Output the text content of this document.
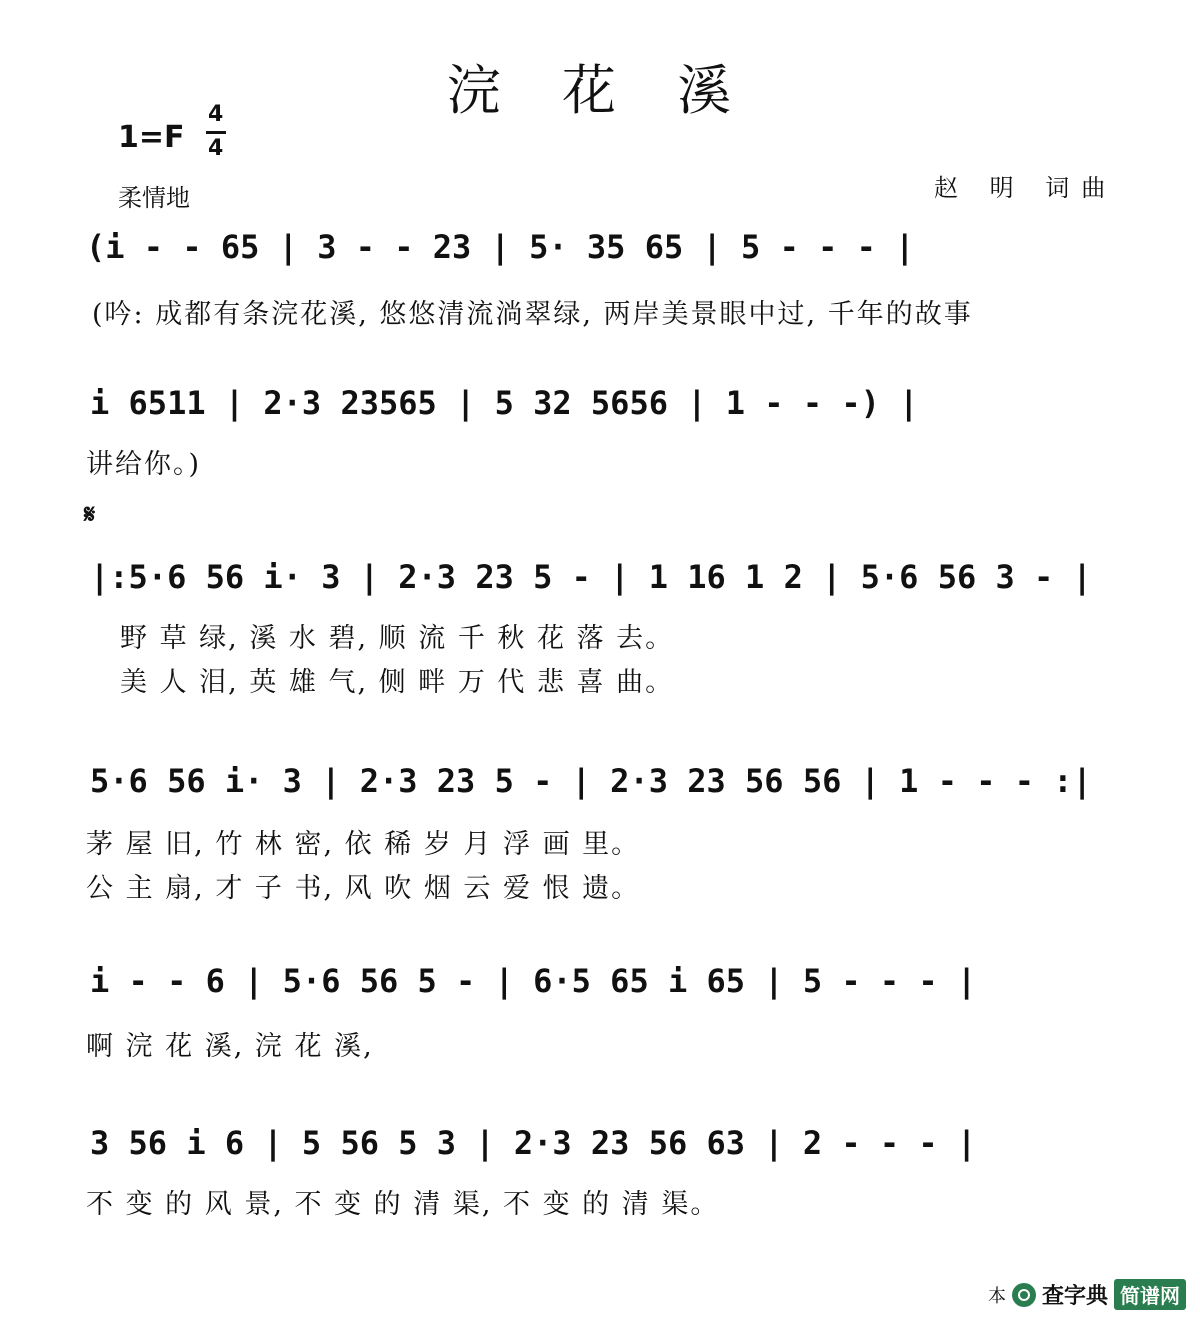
浣 花 溪
1=F
4
4
柔情地	赵 明 词曲
(i - - 65 | 3 - - 23 | 5· 35 65 | 5 - - - |
(吟: 成都有条浣花溪, 悠悠清流淌翠绿, 两岸美景眼中过, 千年的故事
i 6511 | 2·3 23565 | 5 32 5656 | 1 - - -) |
讲给你。)
𝄋
|:5·6 56 i· 3 | 2·3 23 5 - | 1 16 1 2 | 5·6 56 3 - |
野 草 绿, 溪 水 碧, 顺 流 千 秋 花 落 去。
美 人 泪, 英 雄 气, 侧 畔 万 代 悲 喜 曲。
5·6 56 i· 3 | 2·3 23 5 - | 2·3 23 56 56 | 1 - - - :|
茅 屋 旧, 竹 林 密, 依 稀 岁 月 浮 画 里。
公 主 扇, 才 子 书, 风 吹 烟 云 爱 恨 遗。
i - - 6 | 5·6 56 5 - | 6·5 65 i 65 | 5 - - - |
啊 浣 花 溪, 浣 花 溪,
3 56 i 6 | 5 56 5 3 | 2·3 23 56 63 | 2 - - - |
不 变 的 风 景, 不 变 的 清 渠, 不 变 的 清 渠。
本 查字典 简谱网
